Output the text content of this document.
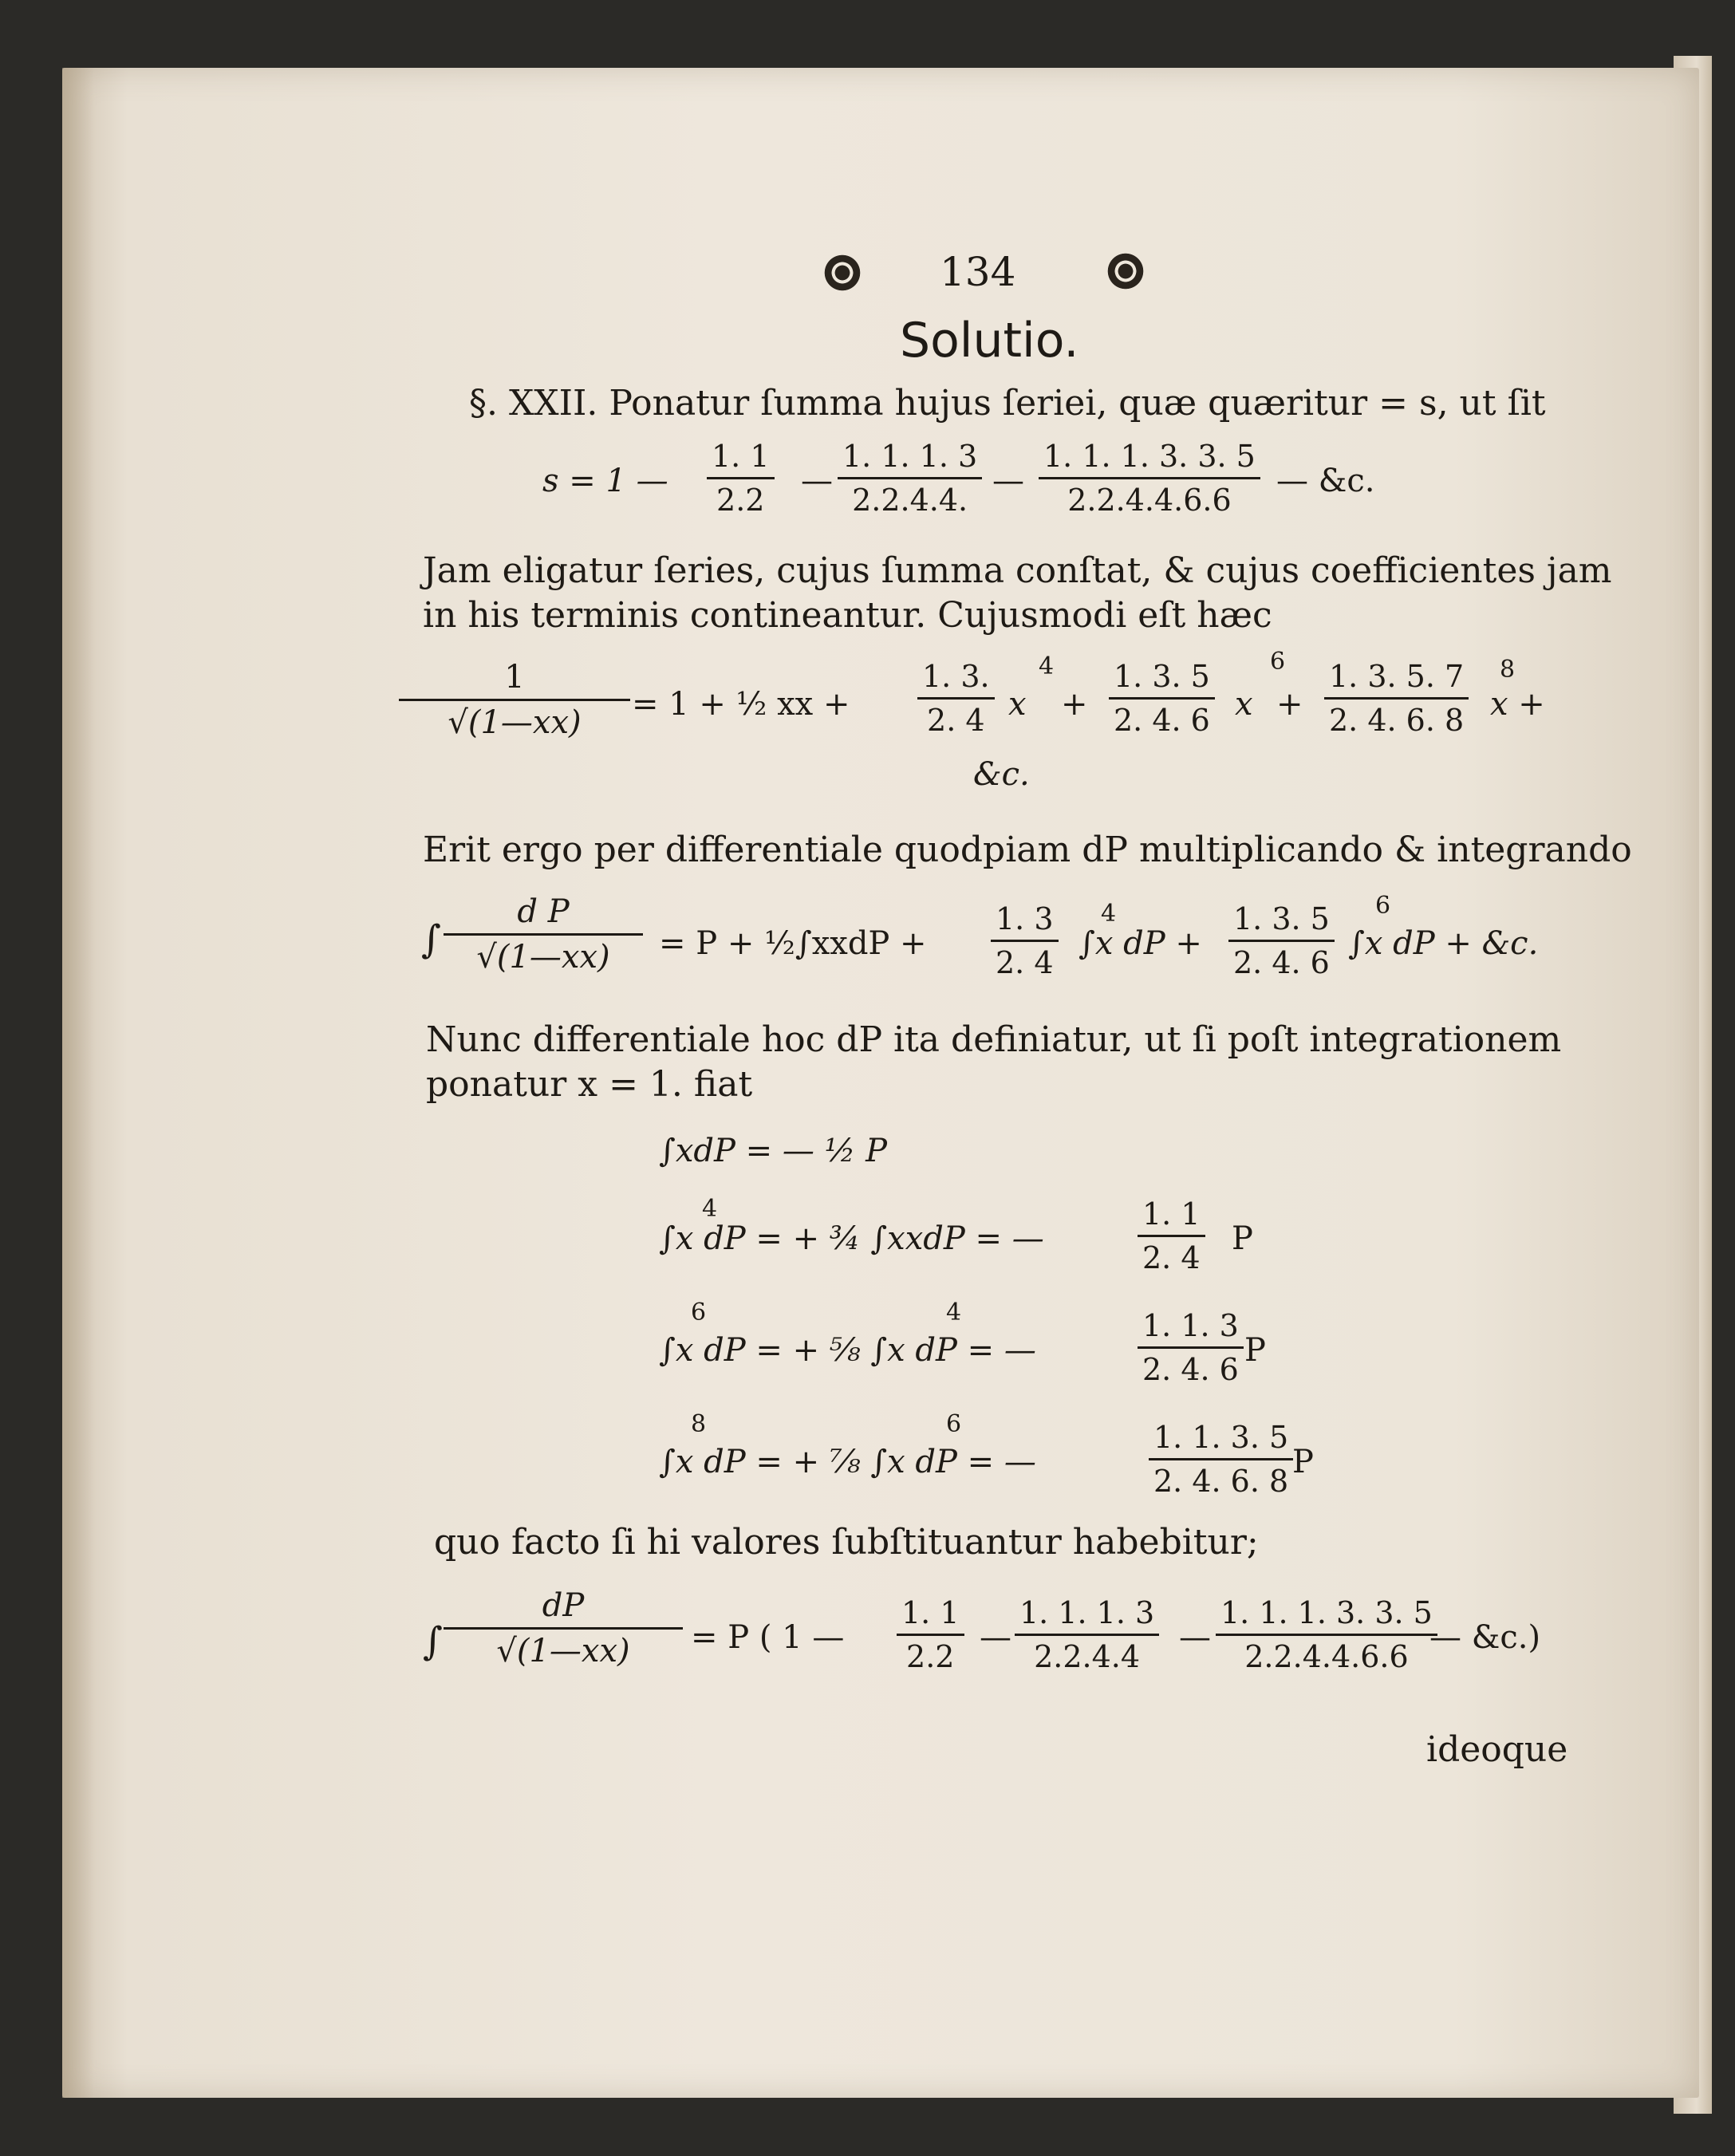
134
Solutio.
§. XXII. Ponatur ſumma hujus ſeriei, quæ quæritur = s, ut ſit
s = 1 — $\frac{1. 1}{2.2}$ — $\frac{1. 1. 1. 3}{2.2.4.4.}$ — $\frac{1. 1. 1. 3. 3. 5}{2.2.4.4.6.6}$ — &c.
Jam eligatur ſeries, cujus ſumma conſtat, & cujus coefficientes jam
in his terminis contineantur. Cujusmodi eſt hæc
$\frac{1}{√(1—xx)} = 1$ + ½ xx + $\frac{1. 3.}{2. 4} 4$
$x + \frac{1. 3. 5}{2. 4. 6} 6$
$x + \frac{1. 3. 5. 7}{2. 4. 6. 8} 8$
x +
&c.
Erit ergo per differentiale quodpiam dP multiplicando & integrando
∫ $\frac{\text{d P}}{√(1—xx)} = P$ + ½∫xxdP + $\frac{1. 3}{2. 4} 4$
∫x dP + $\frac{1. 3. 5}{2. 4. 6} 6$
∫x dP + &c.
Nunc differentiale hoc dP ita definiatur, ut ſi poſt integrationem
ponatur x = 1. fiat
∫xdP = — ½ P
∫x dP = + ¾ ∫xxdP = —
4	$\frac{1. 1}{2. 4}$ P
∫x dP = + ⅝ ∫x dP = —
6	4	$\frac{1. 1. 3}{2. 4. 6}$ P
∫x dP = + ⅞ ∫x dP = —
8	6	$\frac{1. 1. 3. 5}{2. 4. 6. 8}$
P
quo facto ſi hi valores ſubſtituantur habebitur;
∫ $\frac{dP}{√(1—xx)} = P$ ( 1 — $\frac{1. 1}{2.2}$ — $\frac{1. 1. 1. 3}{2.2.4.4}$ — $\frac{1. 1. 1. 3. 3. 5}{2.2.4.4.6.6}$
— &c.)
ideoque
